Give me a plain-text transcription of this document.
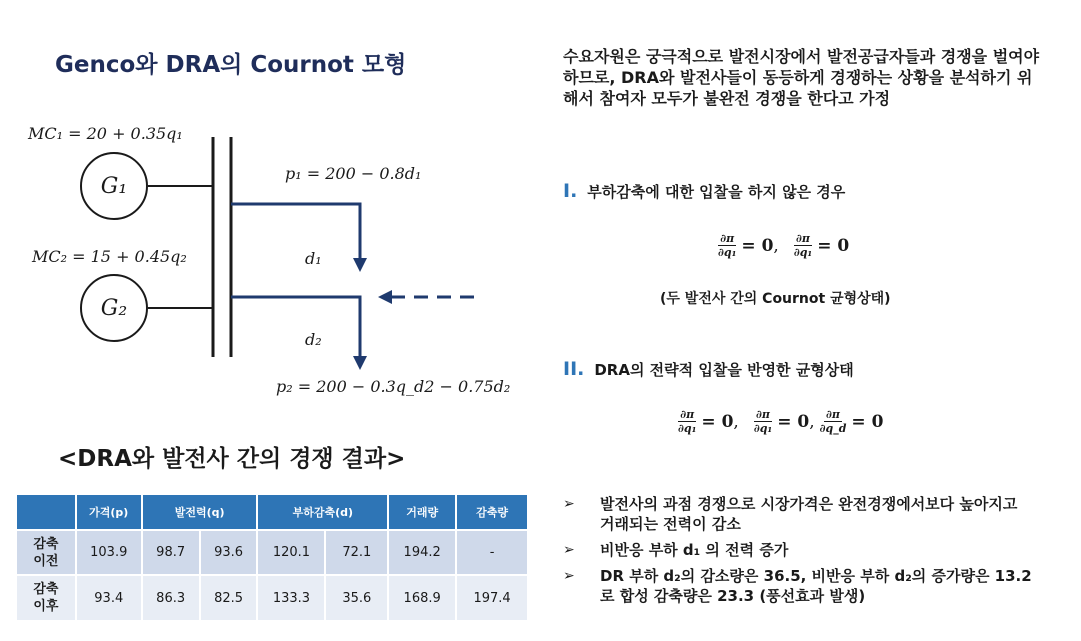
Genco와 DRA의 Cournot 모형
MC₁ = 20 + 0.35q₁
MC₂ = 15 + 0.45q₂
G₁
G₂
p₁ = 200 − 0.8d₁
d₁
d₂
p₂ = 200 − 0.3q_d2 − 0.75d₂
<DRA와 발전사 간의 경쟁 결과>
	가격(p)	발전력(q)		부하감축(d)		거래량	감축량
감축
이전	103.9	98.7	93.6	120.1	72.1	194.2	-
감축
이후	93.4	86.3	82.5	133.3	35.6	168.9	197.4
수요자원은 궁극적으로 발전시장에서 발전공급자들과 경쟁을 벌여야 하므로, DRA와 발전사들이 동등하게 경쟁하는 상황을 분석하기 위해서 참여자 모두가 불완전 경쟁을 한다고 가정
I. 부하감축에 대한 입찰을 하지 않은 경우
$\frac{\partial\pi}{\text{∂q₁}}$ =
0 , $\frac{\partial\pi}{\text{∂q₁}}$ =
0
(두 발전사 간의 Cournot 균형상태)
II. DRA의 전략적 입찰을 반영한 균형상태
$\frac{\partial\pi}{\text{∂q₁}}$ =
0 , $\frac{\partial\pi}{\text{∂q₁}}$ =
0 , $\frac{\partial\pi}{\partial q\_d}$ =
0
➢ 발전사의 과점 경쟁으로 시장가격은 완전경쟁에서보다 높아지고 거래되는 전력이 감소
➢ 비반응 부하 d₁ 의 전력 증가
➢ DR 부하 d₂의 감소량은 36.5, 비반응 부하 d₂의 증가량은 13.2로 합성 감축량은 23.3 (풍선효과 발생)
